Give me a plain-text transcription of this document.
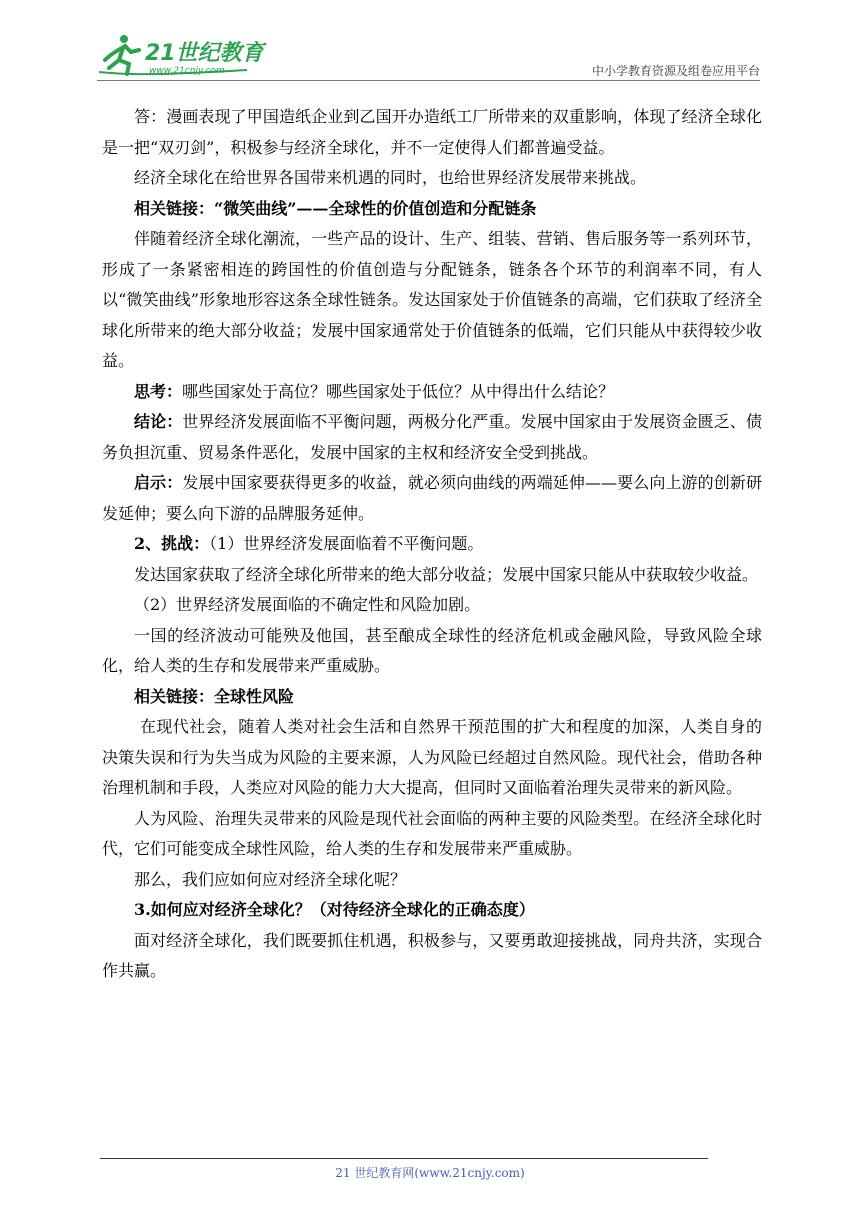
21世纪教育
www.21cnjy.com	中小学教育资源及组卷应用平台

答：漫画表现了甲国造纸企业到乙国开办造纸工厂所带来的双重影响，体现了经济全球化是一把“双刃剑”，积极参与经济全球化，并不一定使得人们都普遍受益。

经济全球化在给世界各国带来机遇的同时，也给世界经济发展带来挑战。

相关链接：“微笑曲线”——全球性的价值创造和分配链条

伴随着经济全球化潮流，一些产品的设计、生产、组装、营销、售后服务等一系列环节，形成了一条紧密相连的跨国性的价值创造与分配链条，链条各个环节的利润率不同，有人以“微笑曲线”形象地形容这条全球性链条。发达国家处于价值链条的高端，它们获取了经济全球化所带来的绝大部分收益；发展中国家通常处于价值链条的低端，它们只能从中获得较少收益。

思考：哪些国家处于高位？哪些国家处于低位？从中得出什么结论？

结论：世界经济发展面临不平衡问题，两极分化严重。发展中国家由于发展资金匮乏、债务负担沉重、贸易条件恶化，发展中国家的主权和经济安全受到挑战。

启示：发展中国家要获得更多的收益，就必须向曲线的两端延伸——要么向上游的创新研发延伸；要么向下游的品牌服务延伸。

2、挑战：（1）世界经济发展面临着不平衡问题。

发达国家获取了经济全球化所带来的绝大部分收益；发展中国家只能从中获取较少收益。

（2）世界经济发展面临的不确定性和风险加剧。

一国的经济波动可能殃及他国，甚至酿成全球性的经济危机或金融风险，导致风险全球化，给人类的生存和发展带来严重威胁。

相关链接：全球性风险

在现代社会，随着人类对社会生活和自然界干预范围的扩大和程度的加深，人类自身的决策失误和行为失当成为风险的主要来源，人为风险已经超过自然风险。现代社会，借助各种治理机制和手段，人类应对风险的能力大大提高，但同时又面临着治理失灵带来的新风险。

人为风险、治理失灵带来的风险是现代社会面临的两种主要的风险类型。在经济全球化时代，它们可能变成全球性风险，给人类的生存和发展带来严重威胁。

那么，我们应如何应对经济全球化呢？

3.如何应对经济全球化？（对待经济全球化的正确态度）

面对经济全球化，我们既要抓住机遇，积极参与，又要勇敢迎接挑战，同舟共济，实现合作共赢。

21 世纪教育网(www.21cnjy.com)
